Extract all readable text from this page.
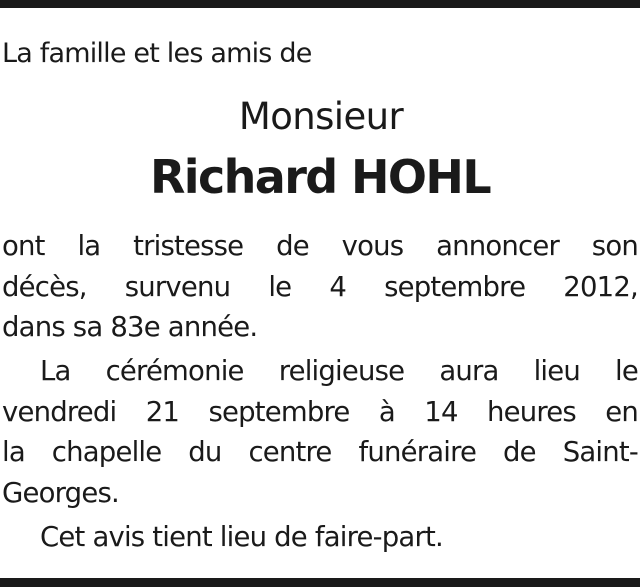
La famille et les amis de
Monsieur
Richard HOHL
ont la tristesse de vous annoncer son
décès, survenu le 4 septembre 2012,
dans sa 83e année.
La cérémonie religieuse aura lieu le
vendredi 21 septembre à 14 heures en
la chapelle du centre funéraire de Saint-
Georges.
Cet avis tient lieu de faire-part.
